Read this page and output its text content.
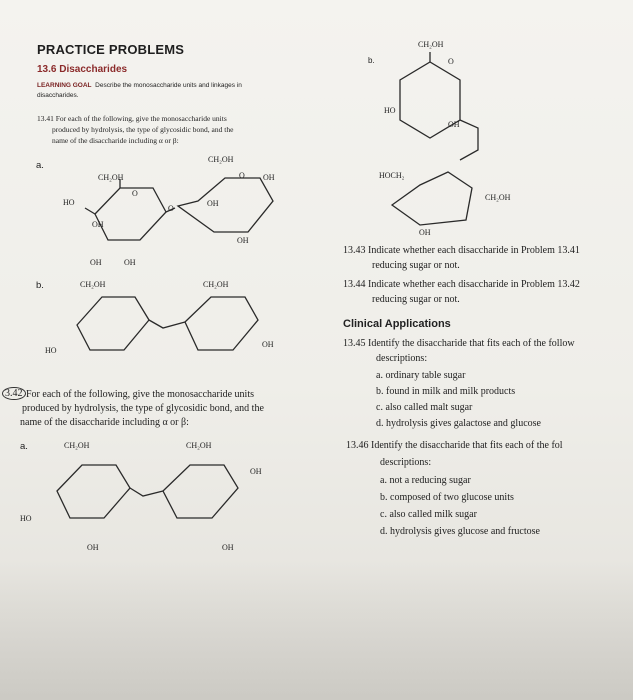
PRACTICE PROBLEMS
13.6 Disaccharides
LEARNING GOAL Describe the monosaccharide units and linkages in
disaccharides.
13.41 For each of the following, give the monosaccharide units
produced by hydrolysis, the type of glycosidic bond, and the
name of the disaccharide including α or β:
3.42 For each of the following, give the monosaccharide units
produced by hydrolysis, the type of glycosidic bond, and the
name of the disaccharide including α or β:
13.43 Indicate whether each disaccharide in Problem 13.41
reducing sugar or not.
13.44 Indicate whether each disaccharide in Problem 13.42
reducing sugar or not.
Clinical Applications
13.45 Identify the disaccharide that fits each of the follow
descriptions:
a. ordinary table sugar
b. found in milk and milk products
c. also called malt sugar
d. hydrolysis gives galactose and glucose
13.46 Identify the disaccharide that fits each of the fol
descriptions:
a. not a reducing sugar
b. composed of two glucose units
c. also called milk sugar
d. hydrolysis gives glucose and fructose
a.
CH₂OH
CH₂OH
O
O
HO
OH
O
OH
OH
OH
OH	OH
b.
CH₂OH
O
HO
OH
HOCH₂
CH₂OH
OH
b.	CH₂OH	CH₂OH
HO
OH
a.	CH₂OH	CH₂OH
HO
OH
OH	OH
